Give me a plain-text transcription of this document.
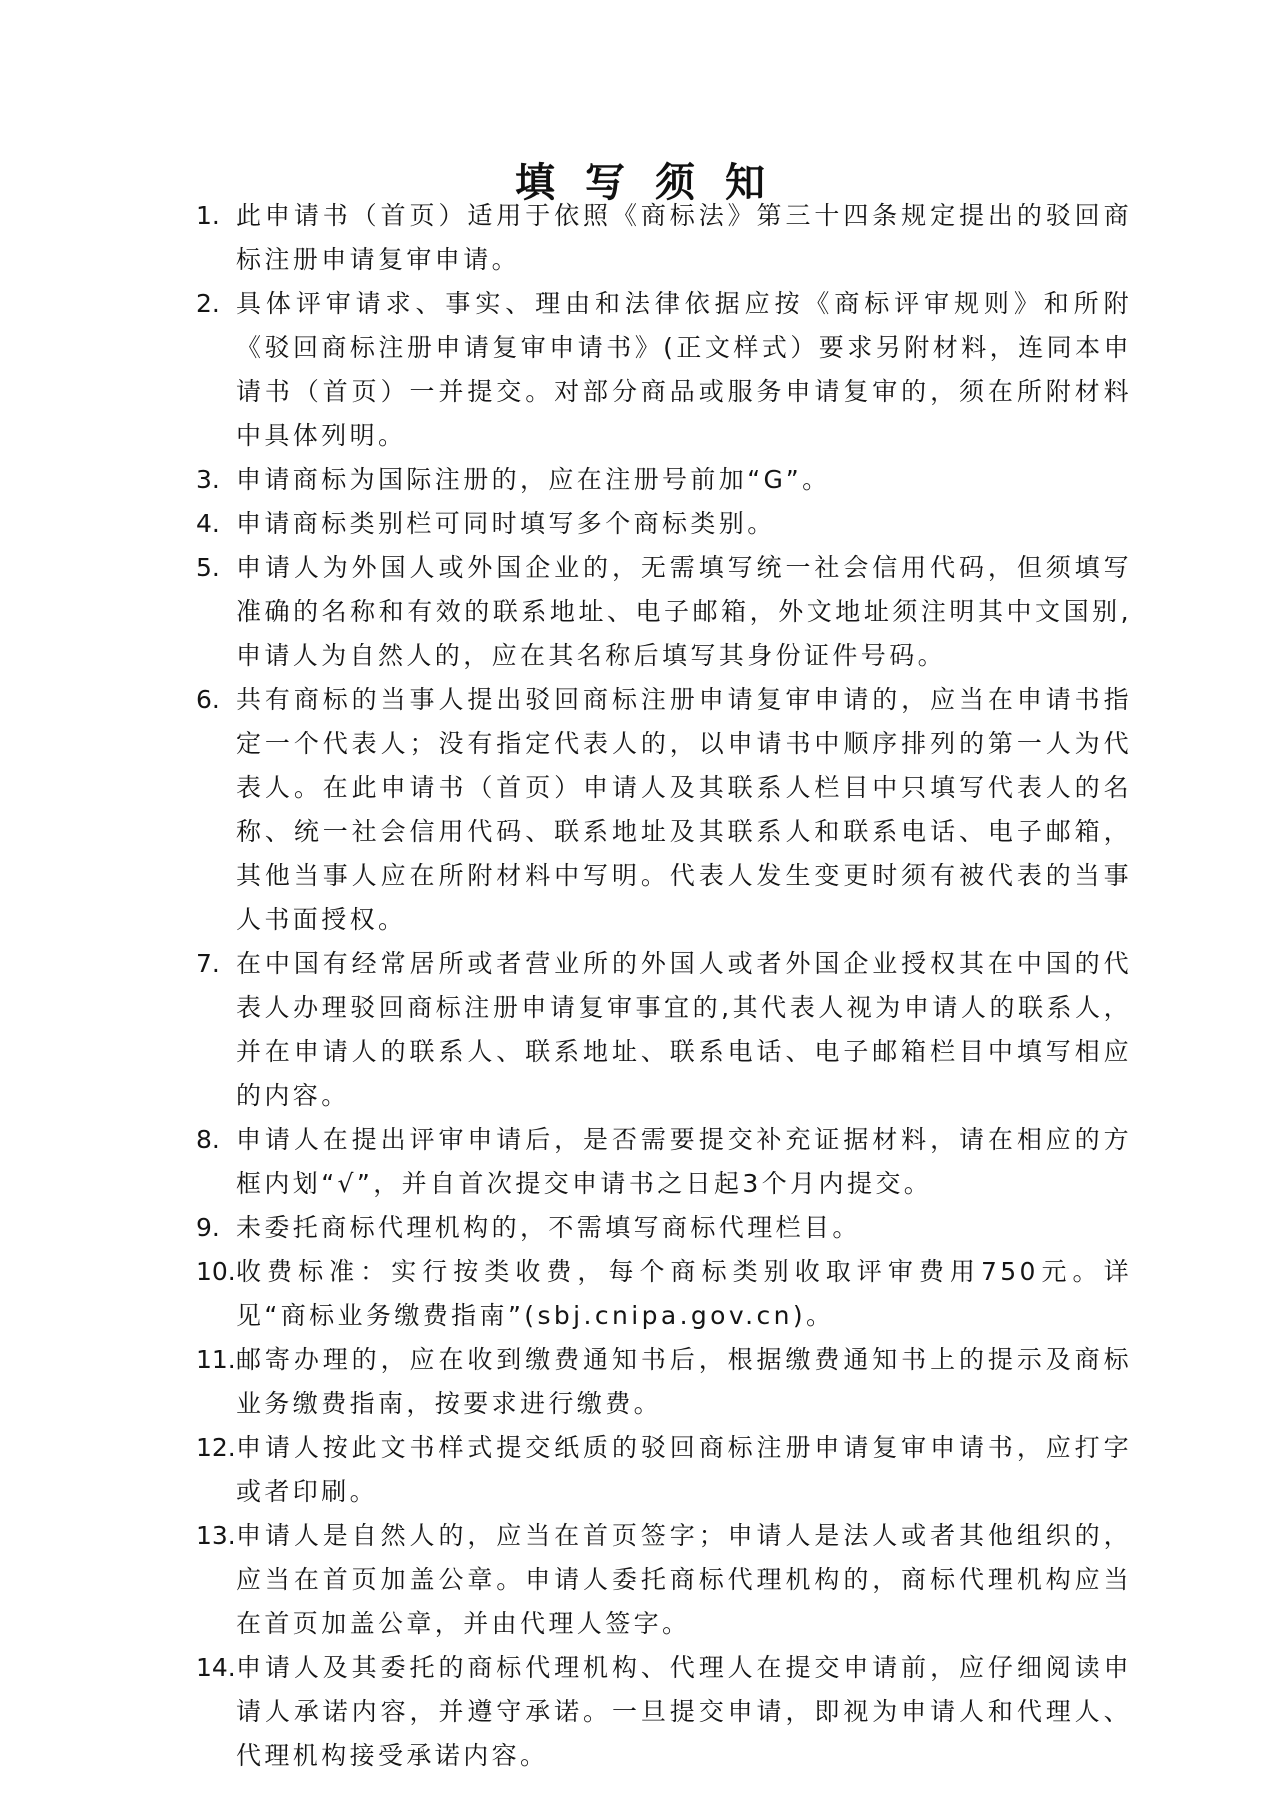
填写须知
1. 此申请书（首页）适用于依照《商标法》第三十四条规定提出的驳回商标注册申请复审申请。
2. 具体评审请求、事实、理由和法律依据应按《商标评审规则》和所附《驳回商标注册申请复审申请书》(正文样式）要求另附材料，连同本申请书（首页）一并提交。对部分商品或服务申请复审的，须在所附材料中具体列明。
3. 申请商标为国际注册的，应在注册号前加“G”。
4. 申请商标类别栏可同时填写多个商标类别。
5. 申请人为外国人或外国企业的，无需填写统一社会信用代码，但须填写准确的名称和有效的联系地址、电子邮箱，外文地址须注明其中文国别,申请人为自然人的，应在其名称后填写其身份证件号码。
6. 共有商标的当事人提出驳回商标注册申请复审申请的，应当在申请书指定一个代表人；没有指定代表人的，以申请书中顺序排列的第一人为代表人。在此申请书（首页）申请人及其联系人栏目中只填写代表人的名称、统一社会信用代码、联系地址及其联系人和联系电话、电子邮箱，其他当事人应在所附材料中写明。代表人发生变更时须有被代表的当事人书面授权。
7. 在中国有经常居所或者营业所的外国人或者外国企业授权其在中国的代表人办理驳回商标注册申请复审事宜的,其代表人视为申请人的联系人，并在申请人的联系人、联系地址、联系电话、电子邮箱栏目中填写相应的内容。
8. 申请人在提出评审申请后，是否需要提交补充证据材料，请在相应的方框内划“√”，并自首次提交申请书之日起3个月内提交。
9. 未委托商标代理机构的，不需填写商标代理栏目。
10. 收费标准：实行按类收费，每个商标类别收取评审费用750元。详见“商标业务缴费指南”(sbj.cnipa.gov.cn)。
11. 邮寄办理的，应在收到缴费通知书后，根据缴费通知书上的提示及商标业务缴费指南，按要求进行缴费。
12. 申请人按此文书样式提交纸质的驳回商标注册申请复审申请书，应打字或者印刷。
13. 申请人是自然人的，应当在首页签字；申请人是法人或者其他组织的，应当在首页加盖公章。申请人委托商标代理机构的，商标代理机构应当在首页加盖公章，并由代理人签字。
14. 申请人及其委托的商标代理机构、代理人在提交申请前，应仔细阅读申请人承诺内容，并遵守承诺。一旦提交申请，即视为申请人和代理人、代理机构接受承诺内容。
